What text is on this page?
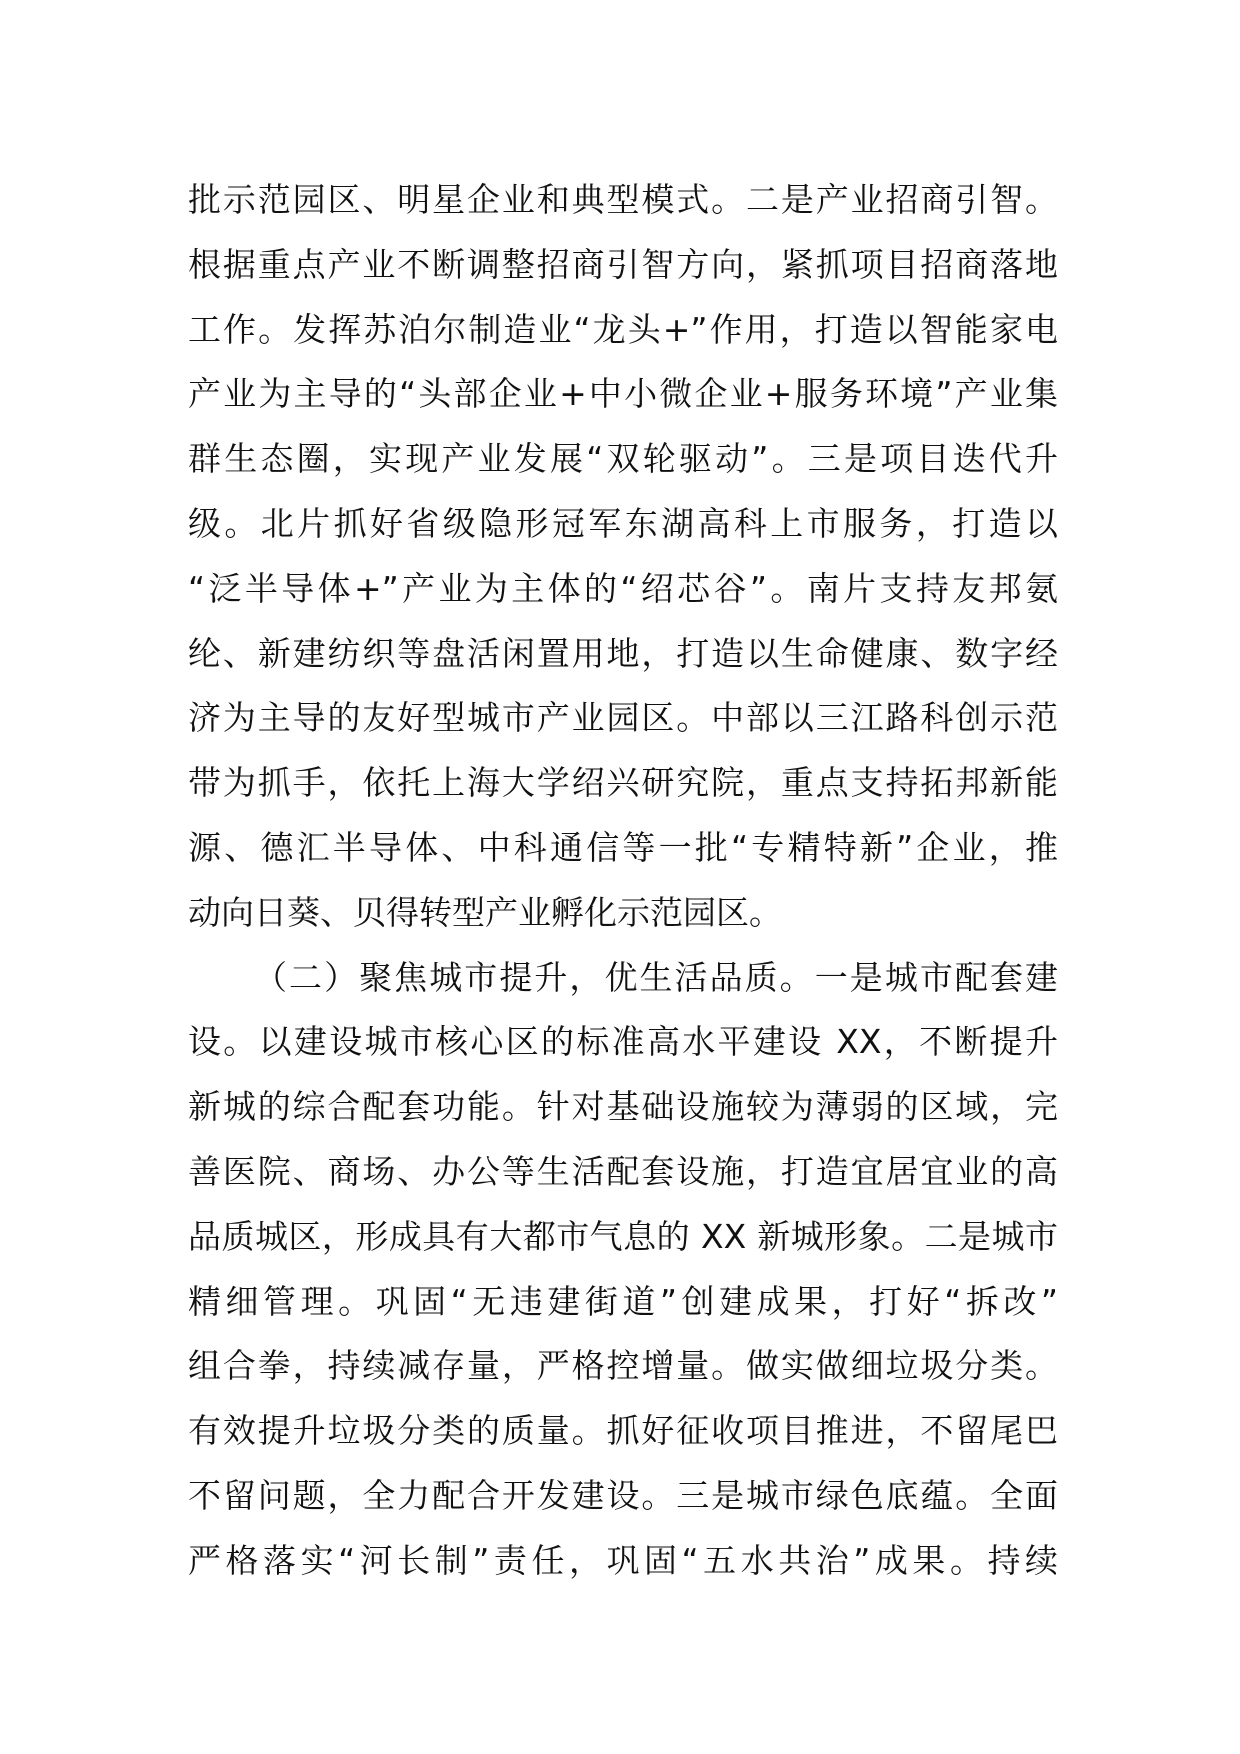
批示范园区、明星企业和典型模式。二是产业招商引智。
根据重点产业不断调整招商引智方向，紧抓项目招商落地
工作。发挥苏泊尔制造业“龙头+”作用，打造以智能家电
产业为主导的“头部企业+中小微企业+服务环境”产业集
群生态圈，实现产业发展“双轮驱动”。三是项目迭代升
级。北片抓好省级隐形冠军东湖高科上市服务，打造以
“泛半导体+”产业为主体的“绍芯谷”。南片支持友邦氨
纶、新建纺织等盘活闲置用地，打造以生命健康、数字经
济为主导的友好型城市产业园区。中部以三江路科创示范
带为抓手，依托上海大学绍兴研究院，重点支持拓邦新能
源、德汇半导体、中科通信等一批“专精特新”企业，推
动向日葵、贝得转型产业孵化示范园区。
（二）聚焦城市提升，优生活品质。一是城市配套建
设。以建设城市核心区的标准高水平建设 XX，不断提升
新城的综合配套功能。针对基础设施较为薄弱的区域，完
善医院、商场、办公等生活配套设施，打造宜居宜业的高
品质城区，形成具有大都市气息的 XX 新城形象。二是城市
精细管理。巩固“无违建街道”创建成果，打好“拆改”
组合拳，持续减存量，严格控增量。做实做细垃圾分类。
有效提升垃圾分类的质量。抓好征收项目推进，不留尾巴
不留问题，全力配合开发建设。三是城市绿色底蕴。全面
严格落实“河长制”责任，巩固“五水共治”成果。持续
